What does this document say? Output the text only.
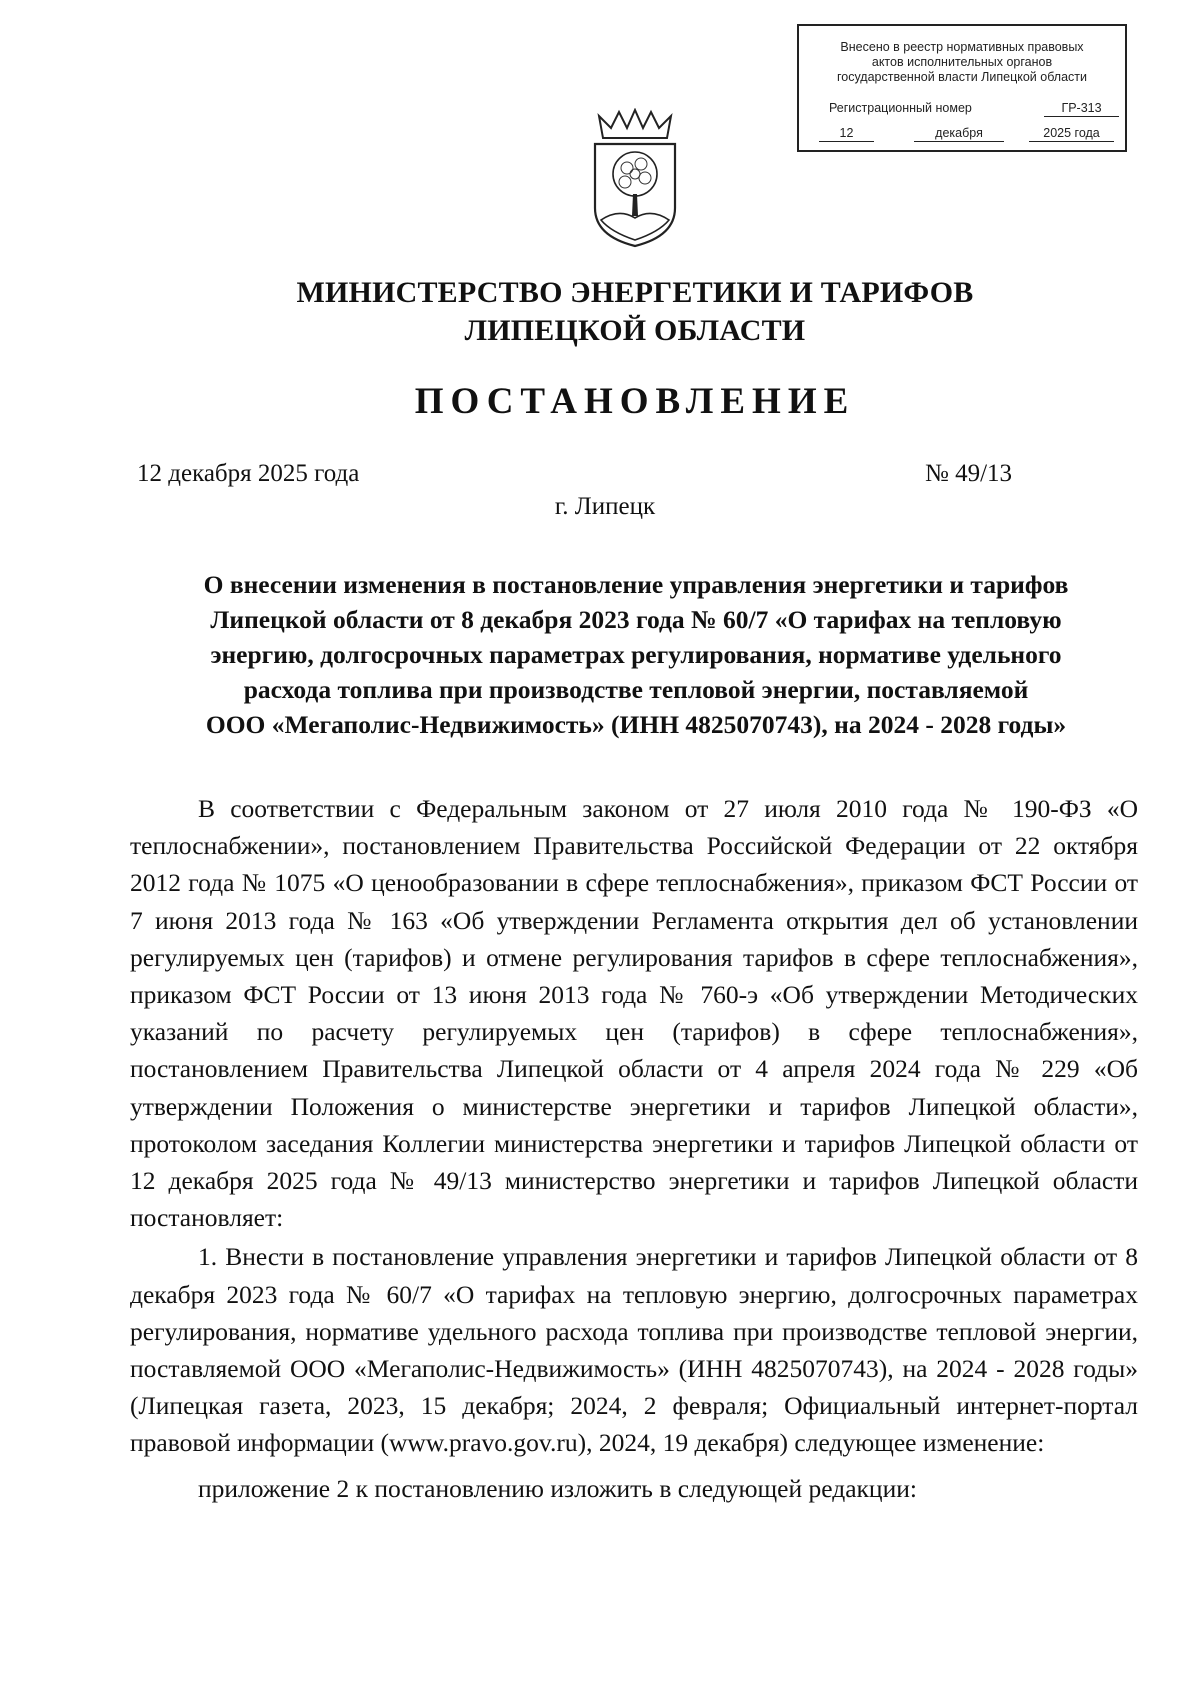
Внесено в реестр нормативных правовых
актов исполнительных органов
государственной власти Липецкой области
Регистрационный номер	ГР-313
12	декабря	2025 года
МИНИСТЕРСТВО ЭНЕРГЕТИКИ И ТАРИФОВ
ЛИПЕЦКОЙ ОБЛАСТИ
ПОСТАНОВЛЕНИЕ
12 декабря 2025 года	№ 49/13
г. Липецк
О внесении изменения в постановление управления энергетики и тарифов
Липецкой области от 8 декабря 2023 года № 60/7 «О тарифах на тепловую
энергию, долгосрочных параметрах регулирования, нормативе удельного
расхода топлива при производстве тепловой энергии, поставляемой
ООО «Мегаполис-Недвижимость» (ИНН 4825070743), на 2024 - 2028 годы»

В соответствии с Федеральным законом от 27 июля 2010 года № 190-ФЗ «О теплоснабжении», постановлением Правительства Российской Федерации от 22 октября 2012 года № 1075 «О ценообразовании в сфере теплоснабжения», приказом ФСТ России от 7 июня 2013 года № 163 «Об утверждении Регламента открытия дел об установлении регулируемых цен (тарифов) и отмене регулирования тарифов в сфере теплоснабжения», приказом ФСТ России от 13 июня 2013 года № 760-э «Об утверждении Методических указаний по расчету регулируемых цен (тарифов) в сфере теплоснабжения», постановлением Правительства Липецкой области от 4 апреля 2024 года № 229 «Об утверждении Положения о министерстве энергетики и тарифов Липецкой области», протоколом заседания Коллегии министерства энергетики и тарифов Липецкой области от 12 декабря 2025 года № 49/13 министерство энергетики и тарифов Липецкой области постановляет:

1. Внести в постановление управления энергетики и тарифов Липецкой области от 8 декабря 2023 года № 60/7 «О тарифах на тепловую энергию, долгосрочных параметрах регулирования, нормативе удельного расхода топлива при производстве тепловой энергии, поставляемой ООО «Мегаполис-Недвижимость» (ИНН 4825070743), на 2024 - 2028 годы» (Липецкая газета, 2023, 15 декабря; 2024, 2 февраля; Официальный интернет-портал правовой информации (www.pravo.gov.ru), 2024, 19 декабря) следующее изменение:

приложение 2 к постановлению изложить в следующей редакции:
